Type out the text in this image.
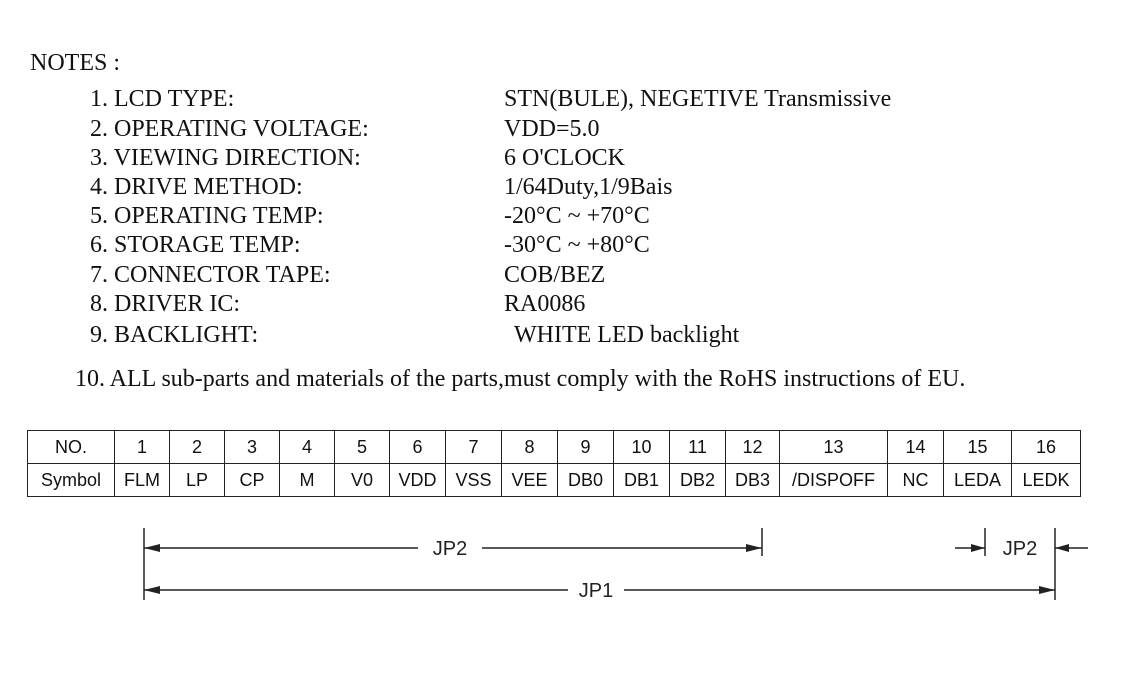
NOTES :
1. LCD TYPE:	STN(BULE), NEGETIVE Transmissive
2. OPERATING VOLTAGE:	VDD=5.0
3. VIEWING DIRECTION:	6 O'CLOCK
4. DRIVE METHOD:	1/64Duty,1/9Bais
5. OPERATING TEMP:	-20°C ~ +70°C
6. STORAGE TEMP:	-30°C ~ +80°C
7. CONNECTOR TAPE:	COB/BEZ
8. DRIVER IC:	RA0086
9. BACKLIGHT:	WHITE LED backlight
10. ALL sub-parts and materials of the parts,must comply with the RoHS instructions of EU.
NO.	1	2	3	4	5	6	7	8	9	10	11	12	13	14	15	16
Symbol	FLM	LP	CP	M	V0	VDD	VSS	VEE	DB0	DB1	DB2	DB3	/DISPOFF	NC	LEDA	LEDK
JP2	JP2
JP1
